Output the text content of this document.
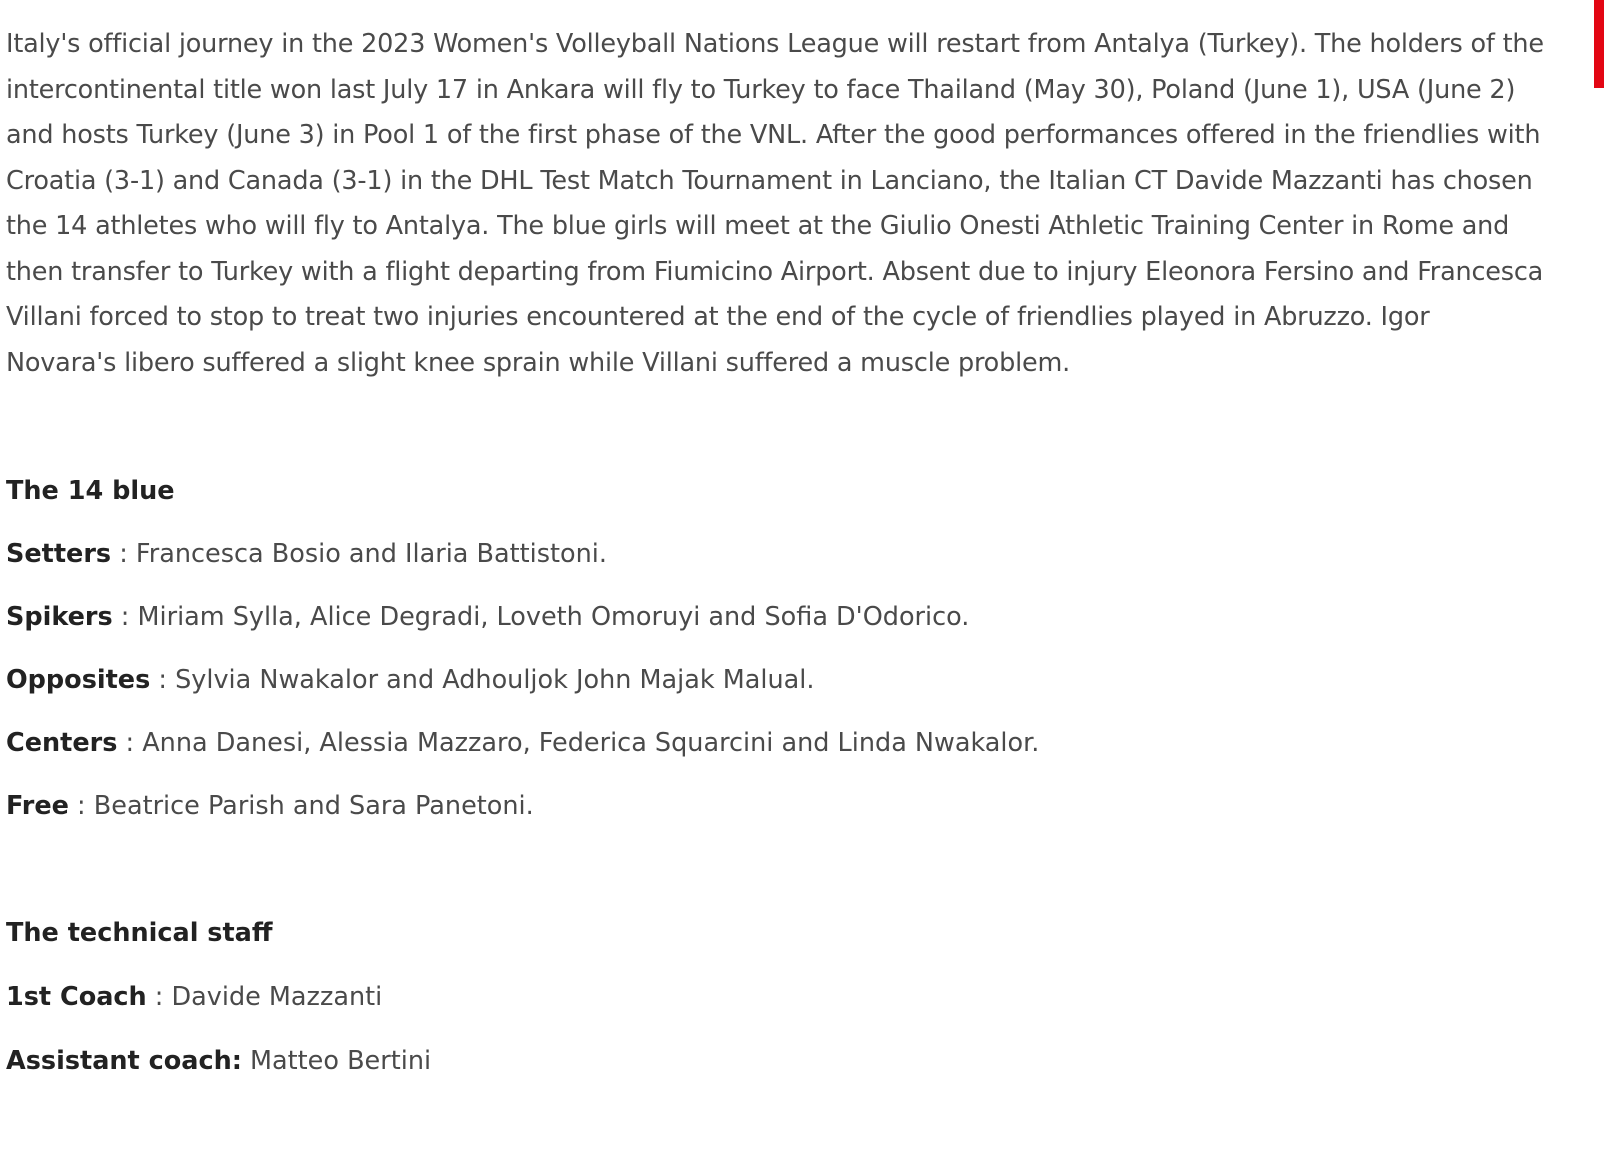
Italy's official journey in the 2023 Women's Volleyball Nations League will restart from Antalya (Turkey). The holders of the intercontinental title won last July 17 in Ankara will fly to Turkey to face Thailand (May 30), Poland (June 1), USA (June 2) and hosts Turkey (June 3) in Pool 1 of the first phase of the VNL. After the good performances offered in the friendlies with Croatia (3-1) and Canada (3-1) in the DHL Test Match Tournament in Lanciano, the Italian CT Davide Mazzanti has chosen the 14 athletes who will fly to Antalya. The blue girls will meet at the Giulio Onesti Athletic Training Center in Rome and then transfer to Turkey with a flight departing from Fiumicino Airport. Absent due to injury Eleonora Fersino and Francesca Villani forced to stop to treat two injuries encountered at the end of the cycle of friendlies played in Abruzzo. Igor Novara's libero suffered a slight knee sprain while Villani suffered a muscle problem.

The 14 blue
Setters : Francesca Bosio and Ilaria Battistoni.
Spikers : Miriam Sylla, Alice Degradi, Loveth Omoruyi and Sofia D'Odorico.
Opposites : Sylvia Nwakalor and Adhouljok John Majak Malual.
Centers : Anna Danesi, Alessia Mazzaro, Federica Squarcini and Linda Nwakalor.
Free : Beatrice Parish and Sara Panetoni.
The technical staff
1st Coach : Davide Mazzanti
Assistant coach: Matteo Bertini
